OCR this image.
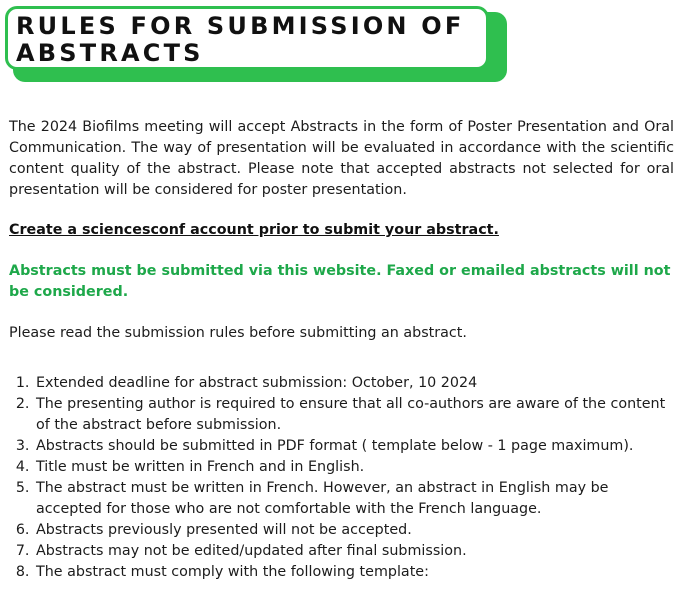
RULES FOR SUBMISSION OF
ABSTRACTS

The 2024 Biofilms meeting will accept Abstracts in the form of Poster Presentation and Oral Communication. The way of presentation will be evaluated in accordance with the scientific content quality of the abstract. Please note that accepted abstracts not selected for oral presentation will be considered for poster presentation.

Create a sciencesconf account prior to submit your abstract.

Abstracts must be submitted via this website. Faxed or emailed abstracts will not be considered.

Please read the submission rules before submitting an abstract.

1. Extended deadline for abstract submission: October, 10 2024
2. The presenting author is required to ensure that all co-authors are aware of the content of the abstract before submission.
3. Abstracts should be submitted in PDF format ( template below - 1 page maximum).
4. Title must be written in French and in English.
5. The abstract must be written in French. However, an abstract in English may be accepted for those who are not comfortable with the French language.
6. Abstracts previously presented will not be accepted.
7. Abstracts may not be edited/updated after final submission.
8. The abstract must comply with the following template:
